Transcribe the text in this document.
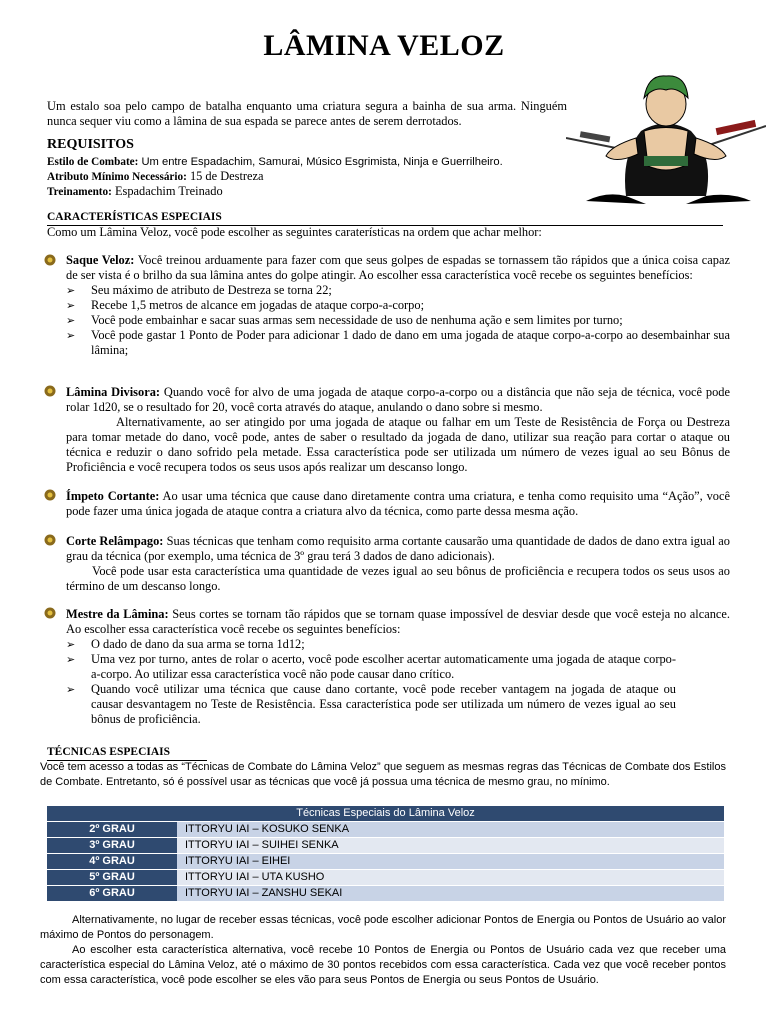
LÂMINA VELOZ
Um estalo soa pelo campo de batalha enquanto uma criatura segura a bainha de sua arma. Ninguém nunca sequer viu como a lâmina de sua espada se parece antes de serem derrotados.
REQUISITOS
Estilo de Combate: Um entre Espadachim, Samurai, Músico Esgrimista, Ninja e Guerrilheiro.
Atributo Mínimo Necessário: 15 de Destreza
Treinamento: Espadachim Treinado
CARACTERÍSTICAS ESPECIAIS
Como um Lâmina Veloz, você pode escolher as seguintes caraterísticas na ordem que achar melhor:

Saque Veloz: Você treinou arduamente para fazer com que seus golpes de espadas se tornassem tão rápidos que a única coisa capaz de ser vista é o brilho da sua lâmina antes do golpe atingir. Ao escolher essa característica você recebe os seguintes benefícios:

➢ Seu máximo de atributo de Destreza se torna 22;
➢ Recebe 1,5 metros de alcance em jogadas de ataque corpo-a-corpo;
➢ Você pode embainhar e sacar suas armas sem necessidade de uso de nenhuma ação e sem limites por turno;
➢ Você pode gastar 1 Ponto de Poder para adicionar 1 dado de dano em uma jogada de ataque corpo-a-corpo ao desembainhar sua lâmina;

Lâmina Divisora: Quando você for alvo de uma jogada de ataque corpo-a-corpo ou a distância que não seja de técnica, você pode rolar 1d20, se o resultado for 20, você corta através do ataque, anulando o dano sobre si mesmo.

Alternativamente, ao ser atingido por uma jogada de ataque ou falhar em um Teste de Resistência de Força ou Destreza para tomar metade do dano, você pode, antes de saber o resultado da jogada de dano, utilizar sua reação para cortar o ataque ou técnica e reduzir o dano sofrido pela metade. Essa característica pode ser utilizada um número de vezes igual ao seu Bônus de Proficiência e você recupera todos os seus usos após realizar um descanso longo.

Ímpeto Cortante: Ao usar uma técnica que cause dano diretamente contra uma criatura, e tenha como requisito uma “Ação”, você pode fazer uma única jogada de ataque contra a criatura alvo da técnica, como parte dessa mesma ação.

Corte Relâmpago: Suas técnicas que tenham como requisito arma cortante causarão uma quantidade de dados de dano extra igual ao grau da técnica (por exemplo, uma técnica de 3º grau terá 3 dados de dano adicionais).

Você pode usar esta característica uma quantidade de vezes igual ao seu bônus de proficiência e recupera todos os seus usos ao término de um descanso longo.

Mestre da Lâmina: Seus cortes se tornam tão rápidos que se tornam quase impossível de desviar desde que você esteja no alcance. Ao escolher essa característica você recebe os seguintes benefícios:

➢ O dado de dano da sua arma se torna 1d12;
➢ Uma vez por turno, antes de rolar o acerto, você pode escolher acertar automaticamente uma jogada de ataque corpo-a-corpo. Ao utilizar essa característica você não pode causar dano crítico.
➢ Quando você utilizar uma técnica que cause dano cortante, você pode receber vantagem na jogada de ataque ou causar desvantagem no Teste de Resistência. Essa característica pode ser utilizada um número de vezes igual ao seu bônus de proficiência.
TÉCNICAS ESPECIAIS
Você tem acesso a todas as “Técnicas de Combate do Lâmina Veloz” que seguem as mesmas regras das Técnicas de Combate dos Estilos de Combate. Entretanto, só é possível usar as técnicas que você já possua uma técnica de mesmo grau, no mínimo.
Técnicas Especiais do Lâmina Veloz	
2º GRAU	ITTORYU IAI – KOSUKO SENKA
3º GRAU	ITTORYU IAI – SUIHEI SENKA
4º GRAU	ITTORYU IAI – EIHEI
5º GRAU	ITTORYU IAI – UTA KUSHO
6º GRAU	ITTORYU IAI – ZANSHU SEKAI
Alternativamente, no lugar de receber essas técnicas, você pode escolher adicionar Pontos de Energia ou Pontos de Usuário ao valor máximo de Pontos do personagem.
Ao escolher esta característica alternativa, você recebe 10 Pontos de Energia ou Pontos de Usuário cada vez que receber uma característica especial do Lâmina Veloz, até o máximo de 30 pontos recebidos com essa característica. Cada vez que você receber pontos com essa característica, você pode escolher se eles vão para seus Pontos de Energia ou seus Pontos de Usuário.
